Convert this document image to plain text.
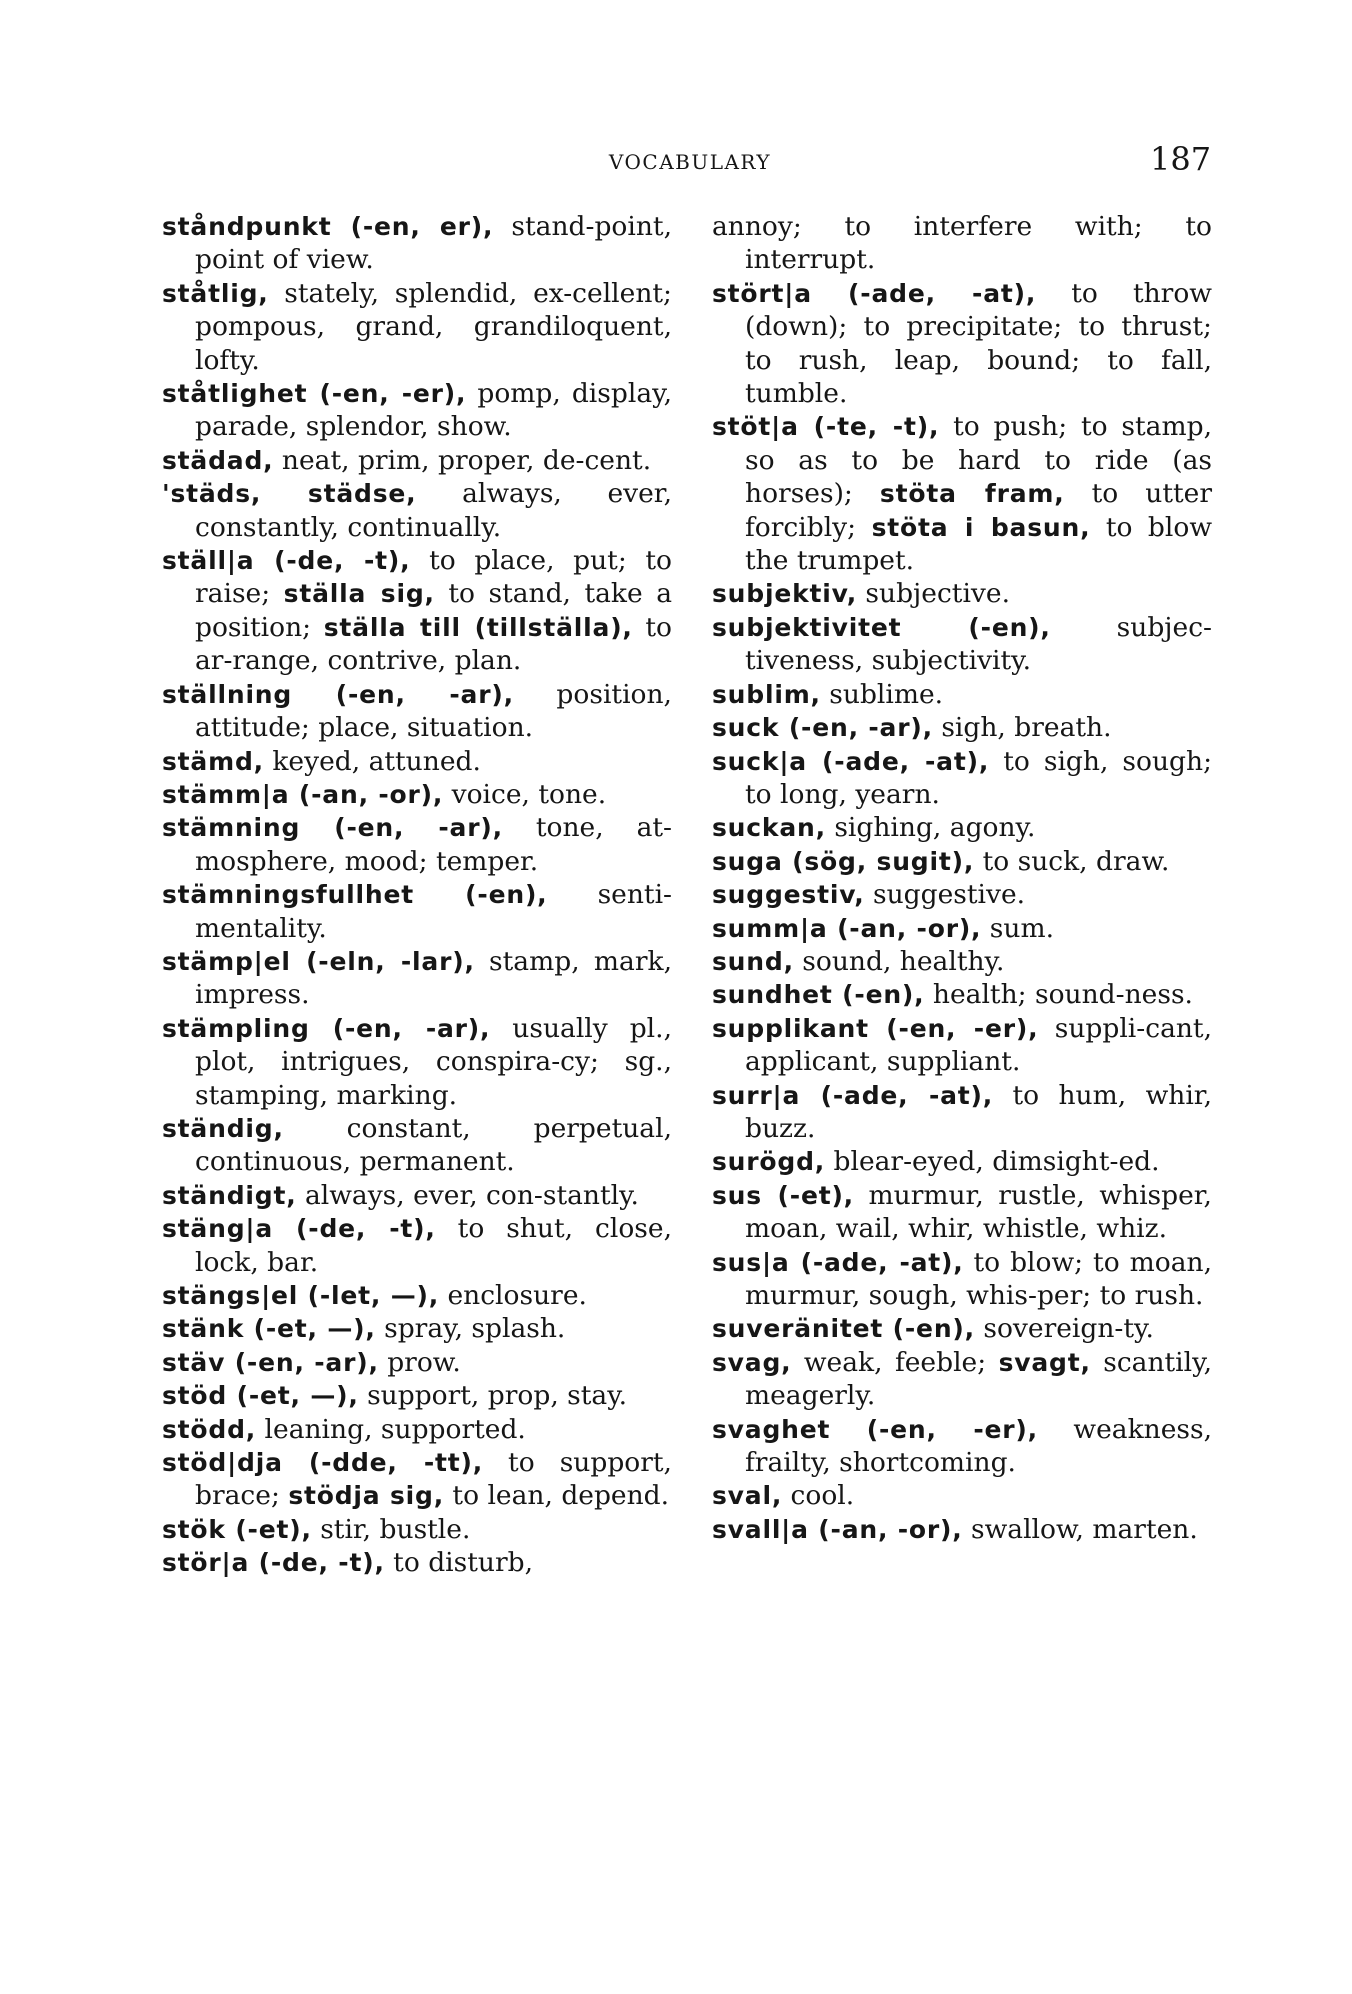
VOCABULARY	187
ståndpunkt (-en, er), stand-point, point of view.
ståtlig, stately, splendid, ex-cellent; pompous, grand, grandiloquent, lofty.
ståtlighet (-en, -er), pomp, display, parade, splendor, show.
städad, neat, prim, proper, de-cent.
'städs, städse, always, ever, constantly, continually.
ställ|a (-de, -t), to place, put; to raise; ställa sig, to stand, take a position; ställa till (tillställa), to ar-range, contrive, plan.
ställning (-en, -ar), position, attitude; place, situation.
stämd, keyed, attuned.
stämm|a (-an, -or), voice, tone.
stämning (-en, -ar), tone, at-mosphere, mood; temper.
stämningsfullhet (-en), senti-mentality.
stämp|el (-eln, -lar), stamp, mark, impress.
stämpling (-en, -ar), usually pl., plot, intrigues, conspira-cy; sg., stamping, marking.
ständig, constant, perpetual, continuous, permanent.
ständigt, always, ever, con-stantly.
stäng|a (-de, -t), to shut, close, lock, bar.
stängs|el (-let, —), enclosure.
stänk (-et, —), spray, splash.
stäv (-en, -ar), prow.
stöd (-et, —), support, prop, stay.
stödd, leaning, supported.
stöd|dja (-dde, -tt), to support, brace; stödja sig, to lean, depend.
stök (-et), stir, bustle.
stör|a (-de, -t), to disturb,
annoy; to interfere with; to interrupt.
stört|a (-ade, -at), to throw (down); to precipitate; to thrust; to rush, leap, bound; to fall, tumble.
stöt|a (-te, -t), to push; to stamp, so as to be hard to ride (as horses); stöta fram, to utter forcibly; stöta i basun, to blow the trumpet.
subjektiv, subjective.
subjektivitet (-en), subjec-tiveness, subjectivity.
sublim, sublime.
suck (-en, -ar), sigh, breath.
suck|a (-ade, -at), to sigh, sough; to long, yearn.
suckan, sighing, agony.
suga (sög, sugit), to suck, draw.
suggestiv, suggestive.
summ|a (-an, -or), sum.
sund, sound, healthy.
sundhet (-en), health; sound-ness.
supplikant (-en, -er), suppli-cant, applicant, suppliant.
surr|a (-ade, -at), to hum, whir, buzz.
surögd, blear-eyed, dimsight-ed.
sus (-et), murmur, rustle, whisper, moan, wail, whir, whistle, whiz.
sus|a (-ade, -at), to blow; to moan, murmur, sough, whis-per; to rush.
suveränitet (-en), sovereign-ty.
svag, weak, feeble; svagt, scantily, meagerly.
svaghet (-en, -er), weakness, frailty, shortcoming.
sval, cool.
svall|a (-an, -or), swallow, marten.
